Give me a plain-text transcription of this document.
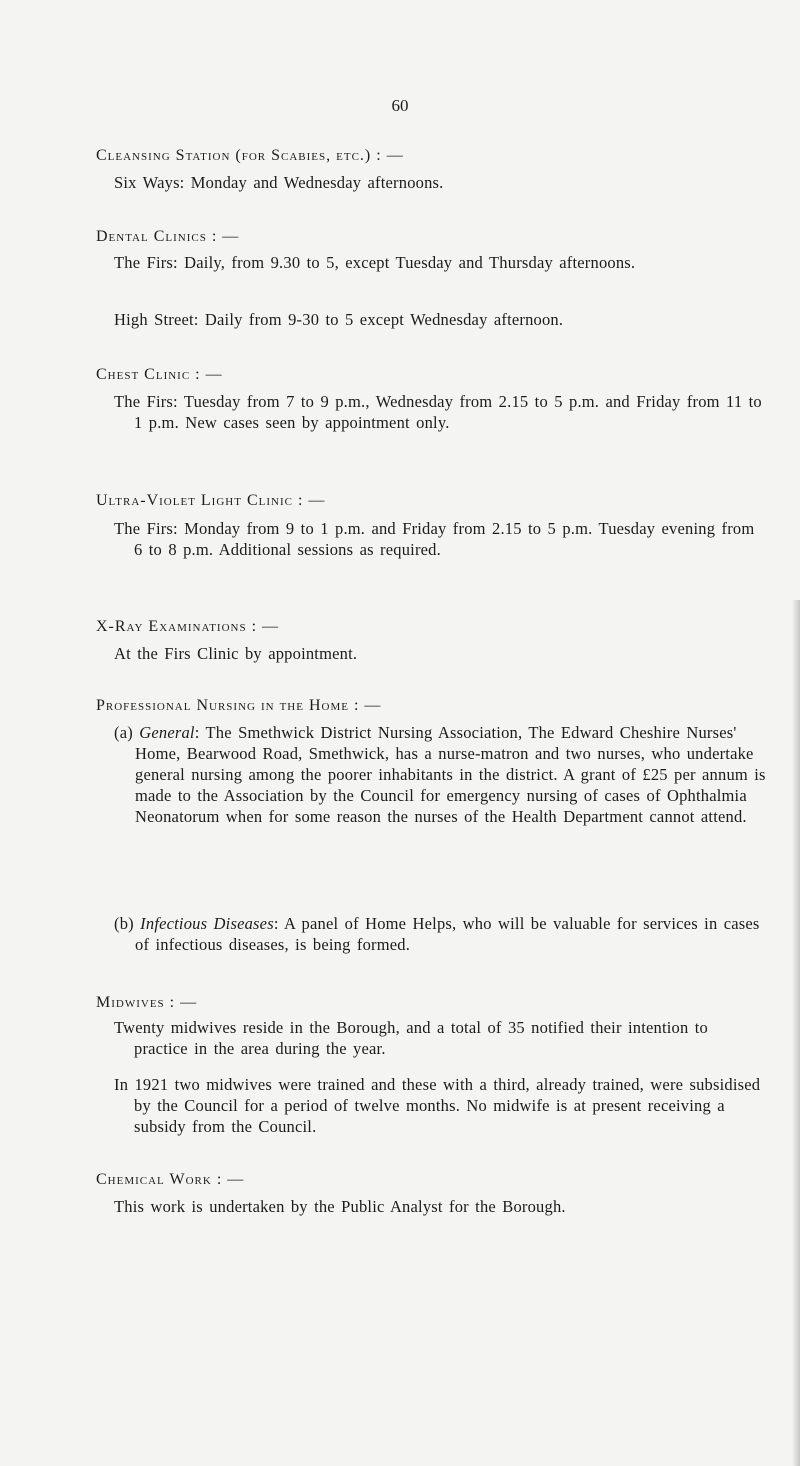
60
Cleansing Station (for Scabies, etc.) : —
Six Ways: Monday and Wednesday afternoons.
Dental Clinics : —
The Firs: Daily, from 9.30 to 5, except Tuesday and Thursday afternoons.
High Street: Daily from 9-30 to 5 except Wednesday afternoon.
Chest Clinic : —
The Firs: Tuesday from 7 to 9 p.m., Wednesday from 2.15 to 5 p.m. and Friday from 11 to 1 p.m. New cases seen by appointment only.
Ultra-Violet Light Clinic : —
The Firs: Monday from 9 to 1 p.m. and Friday from 2.15 to 5 p.m. Tuesday evening from 6 to 8 p.m. Additional sessions as required.
X-Ray Examinations : —
At the Firs Clinic by appointment.
Professional Nursing in the Home : —
(a) General: The Smethwick District Nursing Association, The Edward Cheshire Nurses' Home, Bearwood Road, Smethwick, has a nurse-matron and two nurses, who undertake general nursing among the poorer inhabitants in the district. A grant of £25 per annum is made to the Association by the Council for emergency nursing of cases of Ophthalmia Neonatorum when for some reason the nurses of the Health Department cannot attend.
(b) Infectious Diseases: A panel of Home Helps, who will be valuable for services in cases of infectious diseases, is being formed.
Midwives : —
Twenty midwives reside in the Borough, and a total of 35 notified their intention to practice in the area during the year.
In 1921 two midwives were trained and these with a third, already trained, were subsidised by the Council for a period of twelve months. No midwife is at present receiving a subsidy from the Council.
Chemical Work : —
This work is undertaken by the Public Analyst for the Borough.
